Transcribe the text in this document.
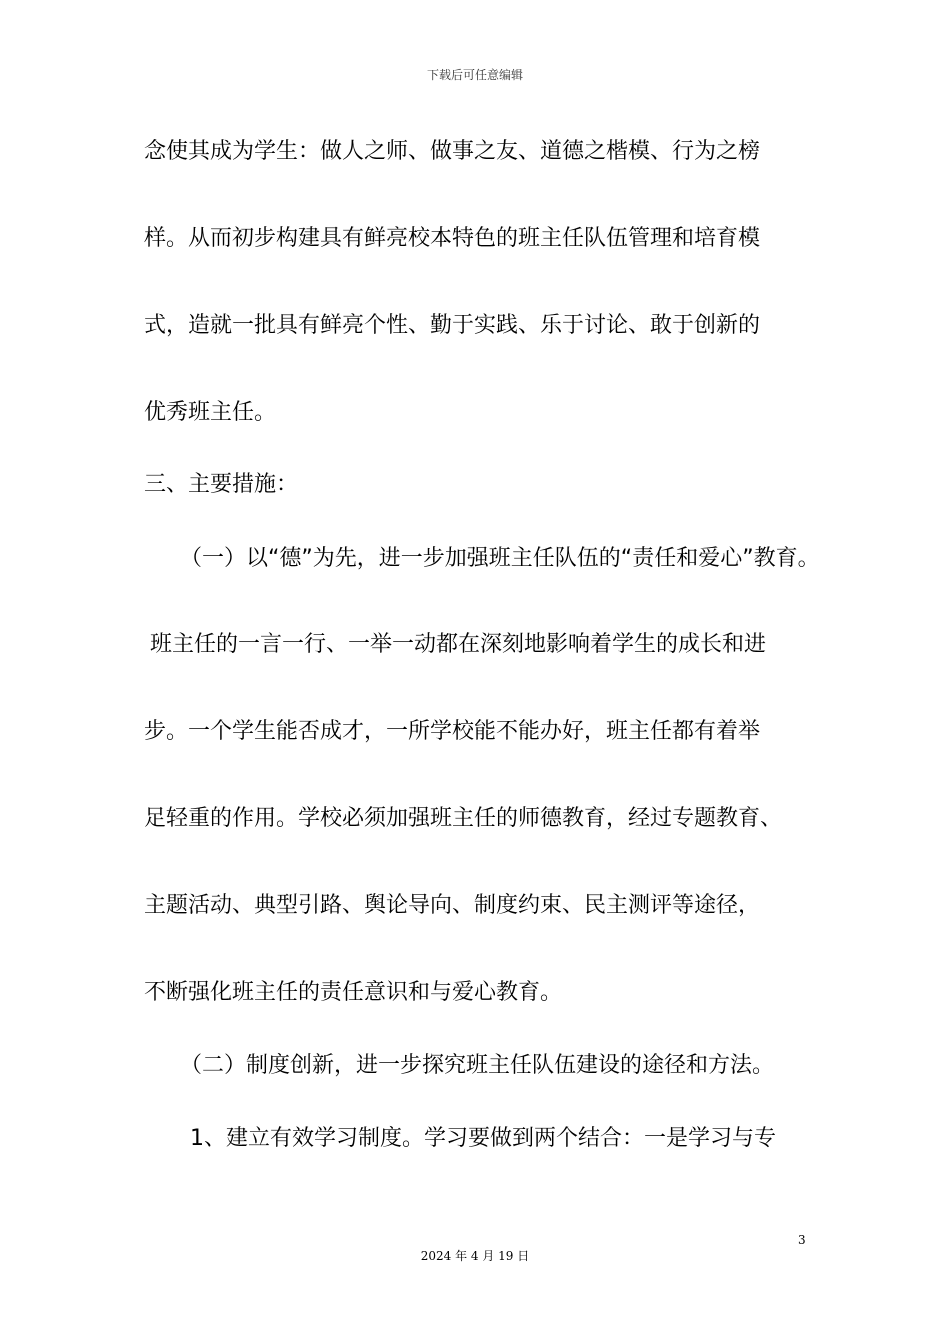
下载后可任意编辑

念使其成为学生：做人之师、做事之友、道德之楷模、行为之榜

样。从而初步构建具有鲜亮校本特色的班主任队伍管理和培育模

式，造就一批具有鲜亮个性、勤于实践、乐于讨论、敢于创新的

优秀班主任。

三、主要措施：

（一）以“德”为先，进一步加强班主任队伍的“责任和爱心”教育。

班主任的一言一行、一举一动都在深刻地影响着学生的成长和进

步。一个学生能否成才，一所学校能不能办好，班主任都有着举

足轻重的作用。学校必须加强班主任的师德教育，经过专题教育、

主题活动、典型引路、舆论导向、制度约束、民主测评等途径，

不断强化班主任的责任意识和与爱心教育。

（二）制度创新，进一步探究班主任队伍建设的途径和方法。

1、建立有效学习制度。学习要做到两个结合：一是学习与专

3
2024 年 4 月 19 日
